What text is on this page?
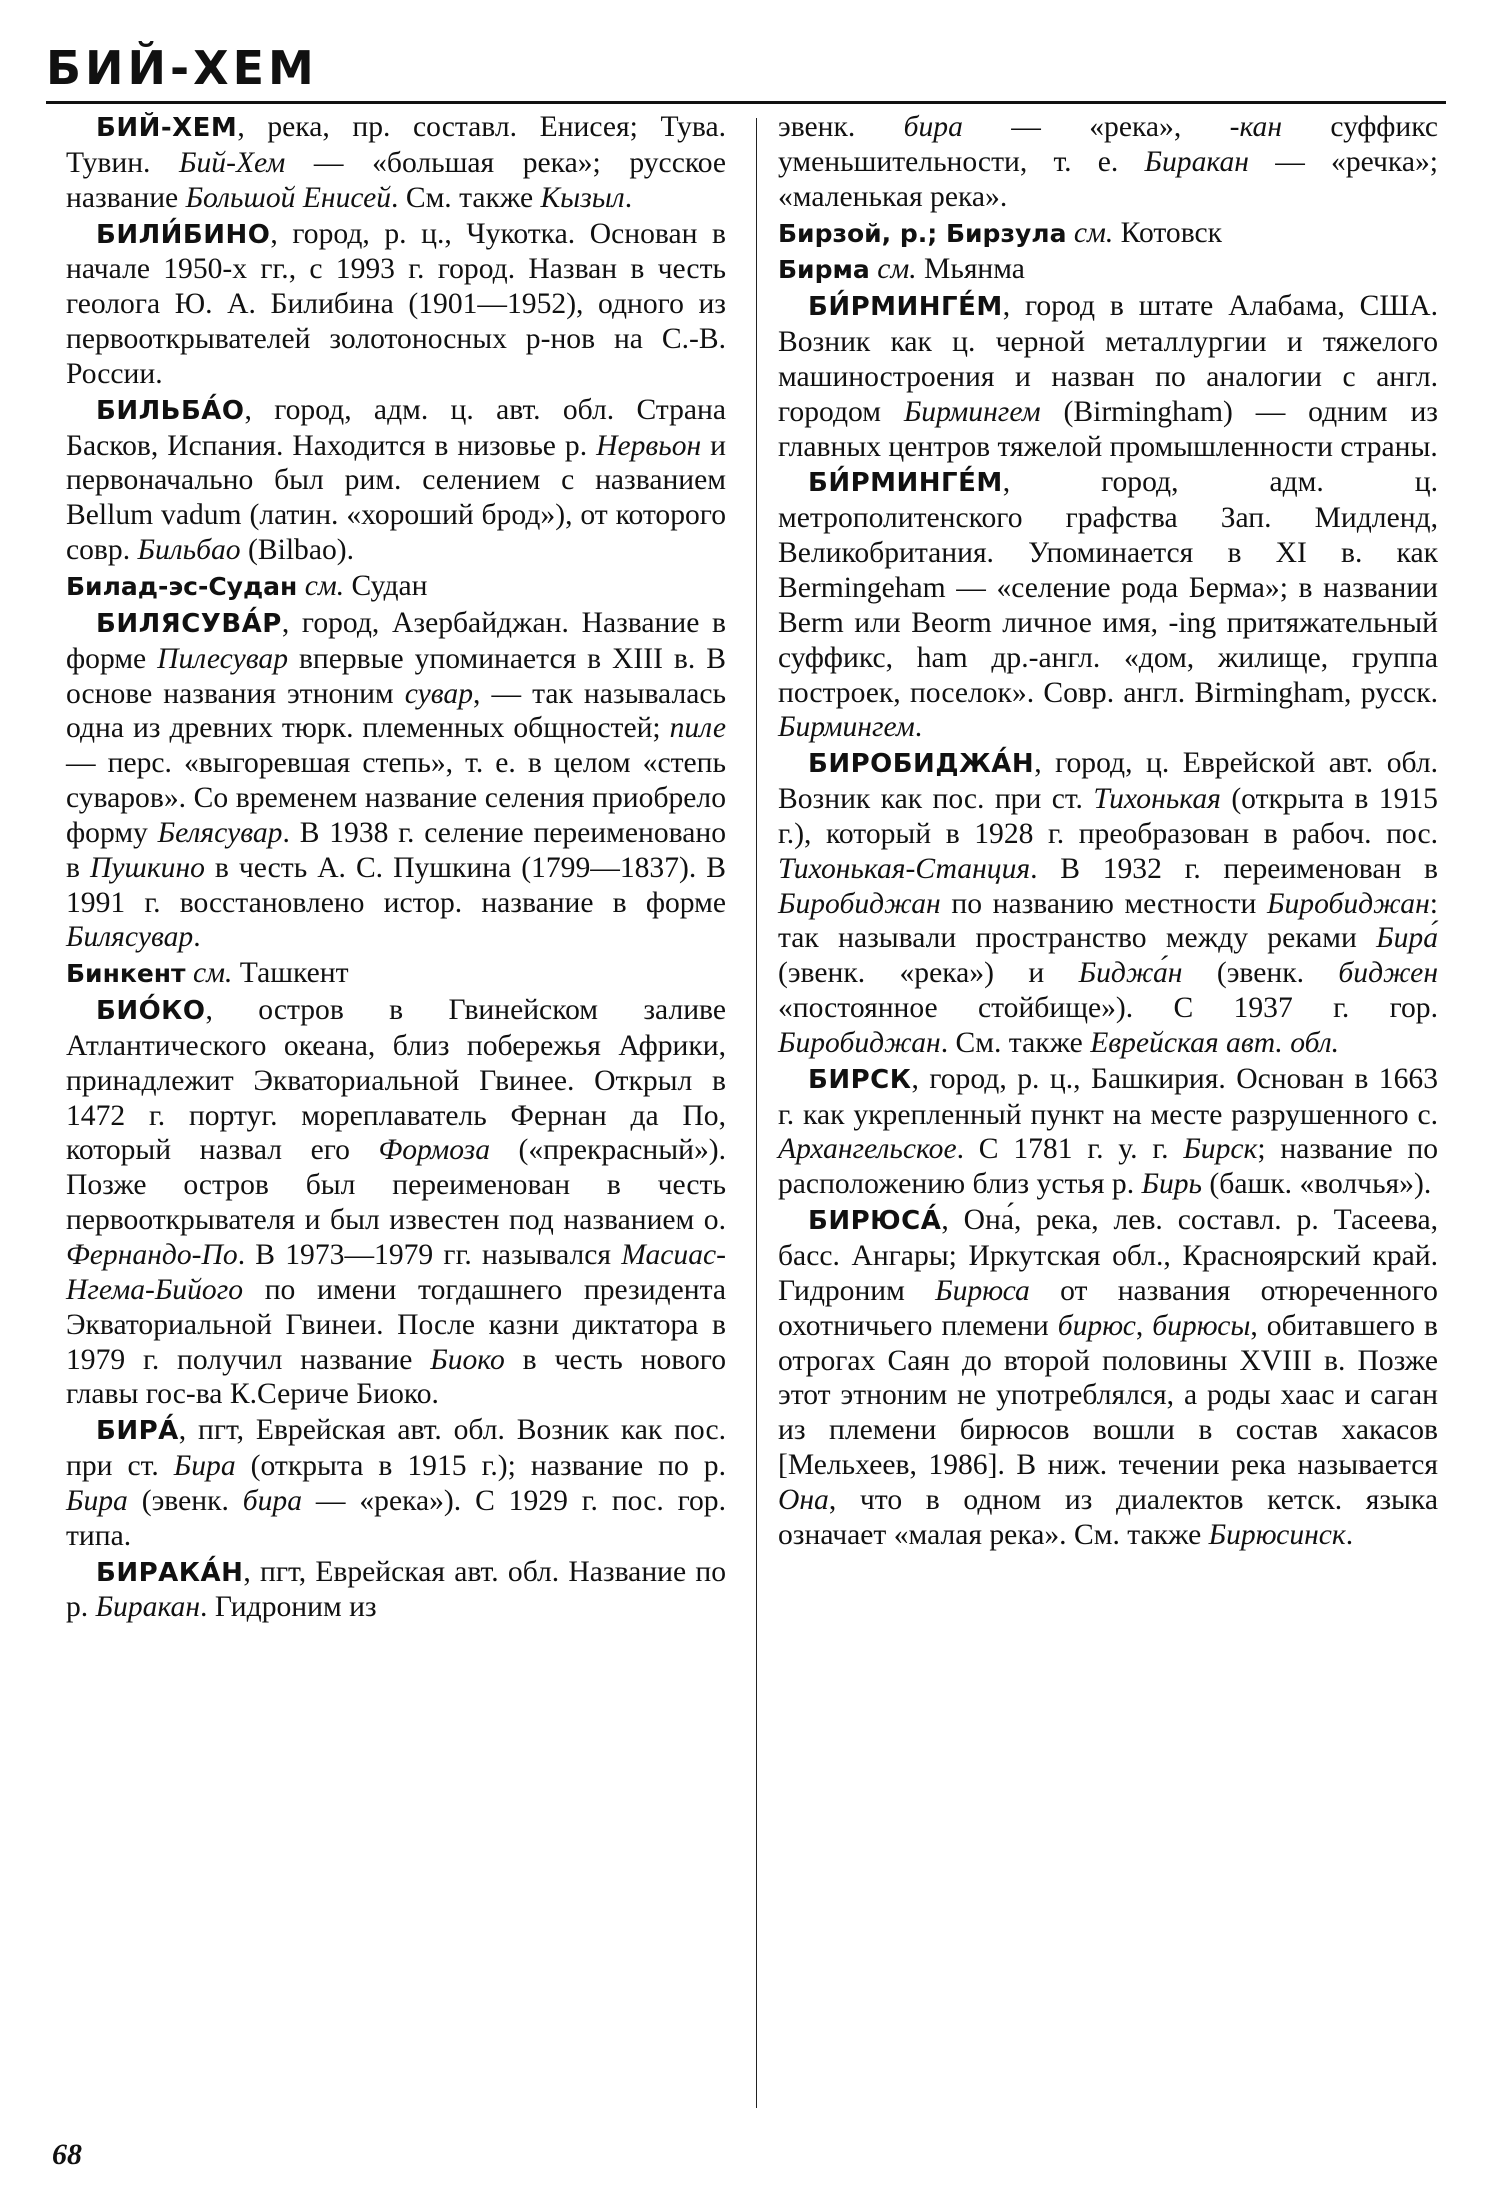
БИЙ-ХЕМ

БИЙ-ХЕМ, река, пр. составл. Енисея; Тува. Тувин. Бий-Хем — «большая река»; русское название Большой Енисей. См. также Кызыл.

БИЛИ́БИНО, город, р. ц., Чукотка. Основан в начале 1950-х гг., с 1993 г. город. Назван в честь геолога Ю. А. Билибина (1901—1952), одного из первооткрывателей золотоносных р-нов на С.-В. России.

БИЛЬБА́О, город, адм. ц. авт. обл. Страна Басков, Испания. Находится в низовье р. Нервьон и первоначально был рим. селением с названием Bellum vadum (латин. «хороший брод»), от которого совр. Бильбао (Bilbao).

Билад-эс-Судан см. Судан

БИЛЯСУВА́Р, город, Азербайджан. Название в форме Пилесувар впервые упоминается в XIII в. В основе названия этноним сувар, — так называлась одна из древних тюрк. племенных общностей; пиле — перс. «выгоревшая степь», т. е. в целом «степь суваров». Со временем название селения приобрело форму Белясувар. В 1938 г. селение переименовано в Пушкино в честь А. С. Пушкина (1799—1837). В 1991 г. восстановлено истор. название в форме Билясувар.

Бинкент см. Ташкент

БИО́КО, остров в Гвинейском заливе Атлантического океана, близ побережья Африки, принадлежит Экваториальной Гвинее. Открыл в 1472 г. португ. мореплаватель Фернан да По, который назвал его Формоза («прекрасный»). Позже остров был переименован в честь первооткрывателя и был известен под названием о. Фернандо-По. В 1973—1979 гг. назывался Масиас-Нгема-Бийого по имени тогдашнего президента Экваториальной Гвинеи. После казни диктатора в 1979 г. получил название Биоко в честь нового главы гос-ва К.Сериче Биоко.

БИРА́, пгт, Еврейская авт. обл. Возник как пос. при ст. Бира (открыта в 1915 г.); название по р. Бира (эвенк. бира — «река»). С 1929 г. пос. гор. типа.

БИРАКА́Н, пгт, Еврейская авт. обл. Название по р. Биракан. Гидроним из

эвенк. бира — «река», -кан суффикс уменьшительности, т. е. Биракан — «речка»; «маленькая река».

Бирзой, р.; Бирзула см. Котовск

Бирма см. Мьянма

БИ́РМИНГЕ́М, город в штате Алабама, США. Возник как ц. черной металлургии и тяжелого машиностроения и назван по аналогии с англ. городом Бирмингем (Birmingham) — одним из главных центров тяжелой промышленности страны.

БИ́РМИНГЕ́М, город, адм. ц. метрополитенского графства Зап. Мидленд, Великобритания. Упоминается в XI в. как Bermingeham — «селение рода Берма»; в названии Berm или Beorm личное имя, -ing притяжательный суффикс, ham др.-англ. «дом, жилище, группа построек, поселок». Совр. англ. Birmingham, русск. Бирмингем.

БИРОБИДЖА́Н, город, ц. Еврейской авт. обл. Возник как пос. при ст. Тихонькая (открыта в 1915 г.), который в 1928 г. преобразован в рабоч. пос. Тихонькая-Станция. В 1932 г. переименован в Биробиджан по названию местности Биробиджан: так называли пространство между реками Бира́ (эвенк. «река») и Биджа́н (эвенк. биджен «постоянное стойбище»). С 1937 г. гор. Биробиджан. См. также Еврейская авт. обл.

БИРСК, город, р. ц., Башкирия. Основан в 1663 г. как укрепленный пункт на месте разрушенного с. Архангельское. С 1781 г. у. г. Бирск; название по расположению близ устья р. Бирь (башк. «волчья»).

БИРЮСА́, Она́, река, лев. составл. р. Тасеева, басс. Ангары; Иркутская обл., Красноярский край. Гидроним Бирюса от названия отюреченного охотничьего племени бирюс, бирюсы, обитавшего в отрогах Саян до второй половины XVIII в. Позже этот этноним не употреблялся, а роды хаас и саган из племени бирюсов вошли в состав хакасов [Мельхеев, 1986]. В ниж. течении река называется Она, что в одном из диалектов кетск. языка означает «малая река». См. также Бирюсинск.

68
